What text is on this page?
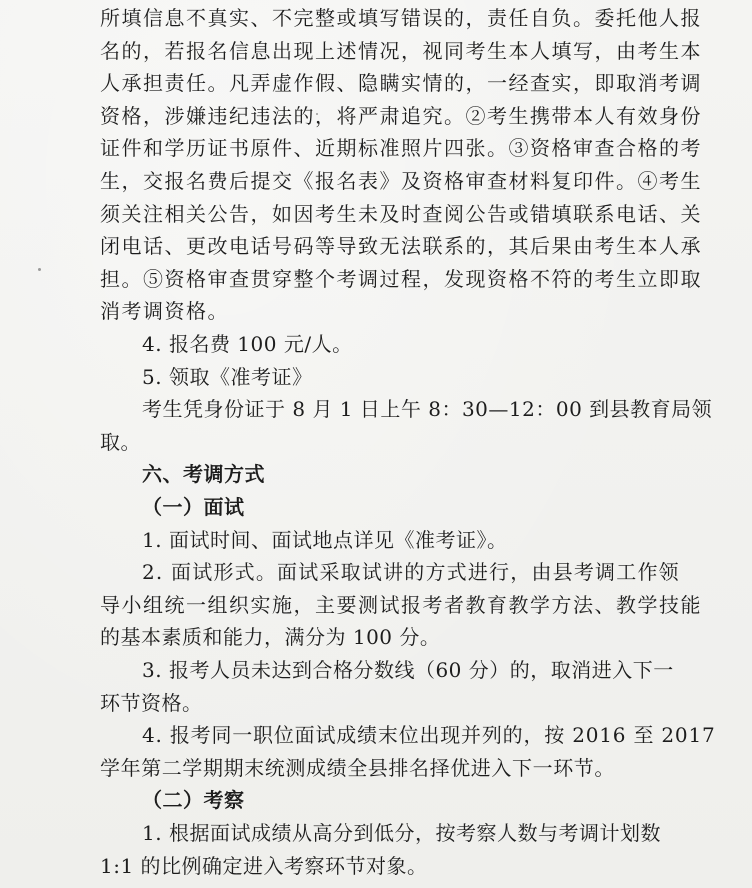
所填信息不真实、不完整或填写错误的，责任自负。委托他人报

名的，若报名信息出现上述情况，视同考生本人填写，由考生本

人承担责任。凡弄虚作假、隐瞒实情的，一经查实，即取消考调

资格，涉嫌违纪违法的，将严肃追究。②考生携带本人有效身份

证件和学历证书原件、近期标准照片四张。③资格审查合格的考

生，交报名费后提交《报名表》及资格审查材料复印件。④考生

须关注相关公告，如因考生未及时查阅公告或错填联系电话、关

闭电话、更改电话号码等导致无法联系的，其后果由考生本人承

担。⑤资格审查贯穿整个考调过程，发现资格不符的考生立即取

消考调资格。

4. 报名费 100 元/人。

5. 领取《准考证》

考生凭身份证于 8 月 1 日上午 8：30—12：00 到县教育局领

取。

六、考调方式

（一）面试

1. 面试时间、面试地点详见《准考证》。

2. 面试形式。面试采取试讲的方式进行，由县考调工作领

导小组统一组织实施，主要测试报考者教育教学方法、教学技能

的基本素质和能力，满分为 100 分。

3. 报考人员未达到合格分数线（60 分）的，取消进入下一

环节资格。

4. 报考同一职位面试成绩末位出现并列的，按 2016 至 2017

学年第二学期期末统测成绩全县排名择优进入下一环节。

（二）考察

1. 根据面试成绩从高分到低分，按考察人数与考调计划数

1:1 的比例确定进入考察环节对象。
